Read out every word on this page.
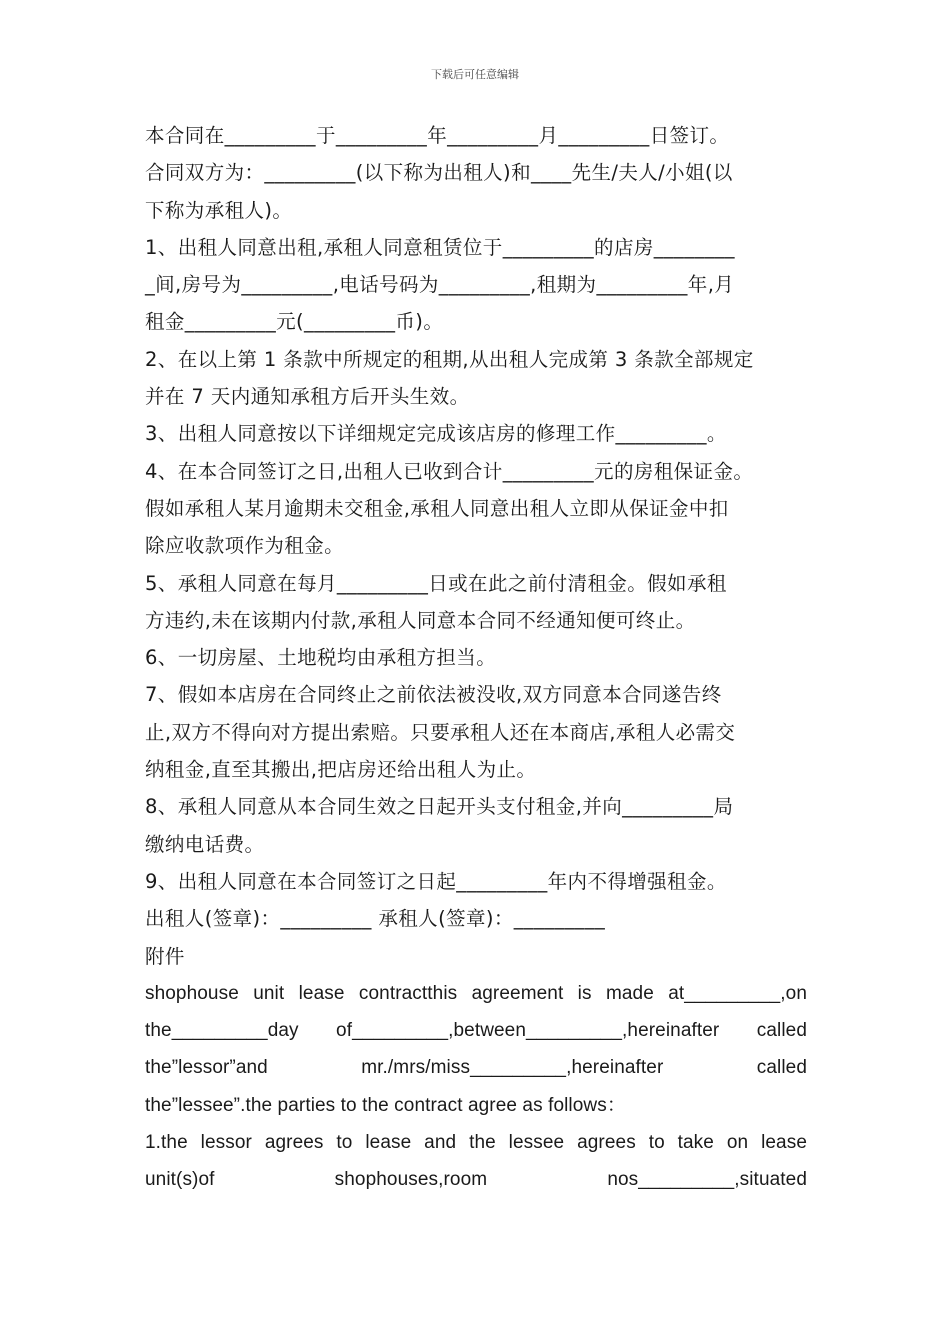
下载后可任意编辑
本合同在_________于_________年_________月_________日签订。
合同双方为：_________(以下称为出租人)和____先生/夫人/小姐(以
下称为承租人)。
1、出租人同意出租,承租人同意租赁位于_________的店房________
_间,房号为_________,电话号码为_________,租期为_________年,月
租金_________元(_________币)。
2、在以上第 1 条款中所规定的租期,从出租人完成第 3 条款全部规定
并在 7 天内通知承租方后开头生效。
3、出租人同意按以下详细规定完成该店房的修理工作_________。
4、在本合同签订之日,出租人已收到合计_________元的房租保证金。
假如承租人某月逾期未交租金,承租人同意出租人立即从保证金中扣
除应收款项作为租金。
5、承租人同意在每月_________日或在此之前付清租金。假如承租
方违约,未在该期内付款,承租人同意本合同不经通知便可终止。
6、一切房屋、土地税均由承租方担当。
7、假如本店房在合同终止之前依法被没收,双方同意本合同遂告终
止,双方不得向对方提出索赔。只要承租人还在本商店,承租人必需交
纳租金,直至其搬出,把店房还给出租人为止。
8、承租人同意从本合同生效之日起开头支付租金,并向_________局
缴纳电话费。
9、出租人同意在本合同签订之日起_________年内不得增强租金。
出租人(签章)：_________ 承租人(签章)：_________
附件
shophouse unit lease contractthis agreement is made at_________,on
the_________day of_________,between_________,hereinafter called
the”lessor”and mr./mrs/miss_________,hereinafter called
the”lessee”.the parties to the contract agree as follows：
1.the lessor agrees to lease and the lessee agrees to take on lease
unit(s)of shophouses,room nos_________,situated
